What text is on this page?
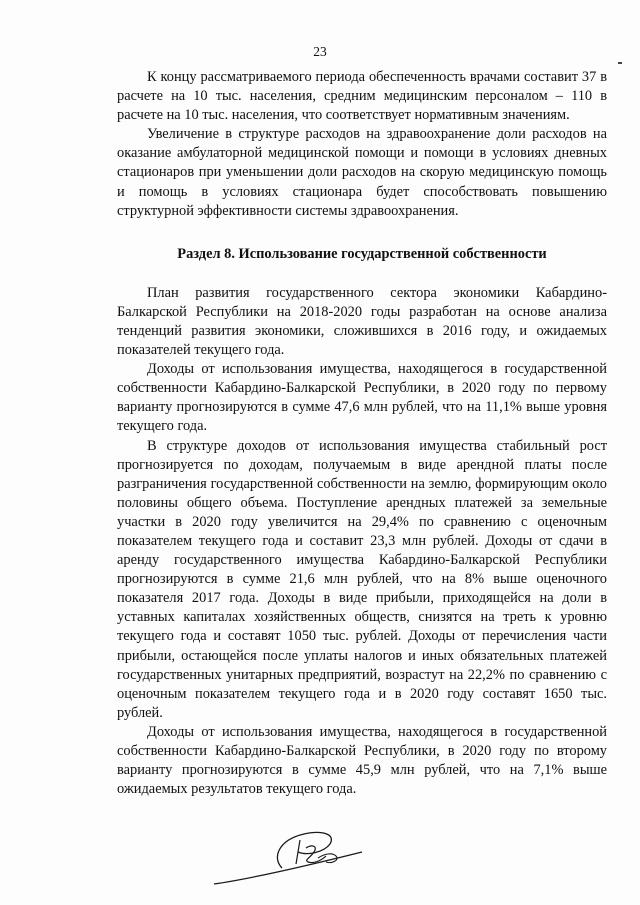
23

К концу рассматриваемого периода обеспеченность врачами составит 37 в расчете на 10 тыс. населения, средним медицинским персоналом – 110 в расчете на 10 тыс. населения, что соответствует нормативным значениям.

Увеличение в структуре расходов на здравоохранение доли расходов на оказание амбулаторной медицинской помощи и помощи в условиях дневных стационаров при уменьшении доли расходов на скорую медицинскую помощь и помощь в условиях стационара будет способствовать повышению структурной эффективности системы здравоохранения.

Раздел 8. Использование государственной собственности

План развития государственного сектора экономики Кабардино-Балкарской Республики на 2018-2020 годы разработан на основе анализа тенденций развития экономики, сложившихся в 2016 году, и ожидаемых показателей текущего года.

Доходы от использования имущества, находящегося в государственной собственности Кабардино-Балкарской Республики, в 2020 году по первому варианту прогнозируются в сумме 47,6 млн рублей, что на 11,1% выше уровня текущего года.

В структуре доходов от использования имущества стабильный рост прогнозируется по доходам, получаемым в виде арендной платы после разграничения государственной собственности на землю, формирующим около половины общего объема. Поступление арендных платежей за земельные участки в 2020 году увеличится на 29,4% по сравнению с оценочным показателем текущего года и составит 23,3 млн рублей. Доходы от сдачи в аренду государственного имущества Кабардино-Балкарской Республики прогнозируются в сумме 21,6 млн рублей, что на 8% выше оценочного показателя 2017 года. Доходы в виде прибыли, приходящейся на доли в уставных капиталах хозяйственных обществ, снизятся на треть к уровню текущего года и составят 1050 тыс. рублей. Доходы от перечисления части прибыли, остающейся после уплаты налогов и иных обязательных платежей государственных унитарных предприятий, возрастут на 22,2% по сравнению с оценочным показателем текущего года и в 2020 году составят 1650 тыс. рублей.

Доходы от использования имущества, находящегося в государственной собственности Кабардино-Балкарской Республики, в 2020 году по второму варианту прогнозируются в сумме 45,9 млн рублей, что на 7,1% выше ожидаемых результатов текущего года.
